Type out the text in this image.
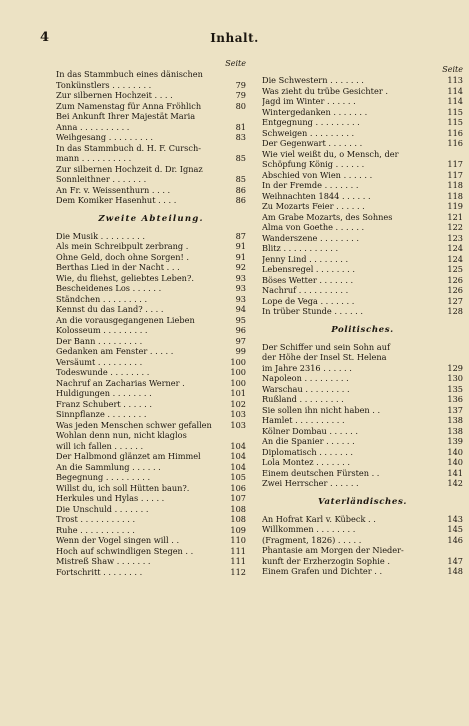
4	Inhalt.
Seite
In das Stammbuch eines dänischen
Tonkünstlers . . . . . . . .	79
Zur silbernen Hochzeit . . . .	79
Zum Namenstag für Anna Fröhlich	80
Bei Ankunft Ihrer Majestät Maria
Anna . . . . . . . . . .	81
Weihgesang . . . . . . . . .	83
In das Stammbuch d. H. F. Cursch-
mann . . . . . . . . . .	85
Zur silbernen Hochzeit d. Dr. Ignaz
Sonnleithner . . . . . . .	85
An Fr. v. Weissenthurn . . . .	86
Dem Komiker Hasenhut . . . .	86
Zweite Abteilung.
Die Musik . . . . . . . . .	87
Als mein Schreibpult zerbrang .	91
Ohne Geld, doch ohne Sorgen! .	91
Berthas Lied in der Nacht . . .	92
Wie, du fliehst, geliebtes Leben?.	93
Bescheidenes Los . . . . . .	93
Ständchen . . . . . . . . .	93
Kennst du das Land? . . . .	94
An die vorausgegangenen Lieben	95
Kolosseum . . . . . . . . .	96
Der Bann . . . . . . . . .	97
Gedanken am Fenster . . . . .	99
Versäumt . . . . . . . . .	100
Todeswunde . . . . . . . .	100
Nachruf an Zacharias Werner .	100
Huldigungen . . . . . . . .	101
Franz Schubert . . . . . .	102
Sinnpflanze . . . . . . . .	103
Was jeden Menschen schwer gefallen	103
Wohlan denn nun, nicht klaglos
will ich fallen . . . . . .	104
Der Halbmond glänzet am Himmel	104
An die Sammlung . . . . . .	104
Begegnung . . . . . . . . .	105
Willst du, ich soll Hütten baun?.	106
Herkules und Hylas . . . . .	107
Die Unschuld . . . . . . .	108
Trost . . . . . . . . . . .	108
Ruhe . . . . . . . . . . .	109
Wenn der Vogel singen will . .	110
Hoch auf schwindligen Stegen . .	111
Mistreß Shaw . . . . . . .	111
Fortschritt . . . . . . . .	112
Seite
Die Schwestern . . . . . . .	113
Was zieht du trübe Gesichter .	114
Jagd im Winter . . . . . .	114
Wintergedanken . . . . . . .	115
Entgegnung . . . . . . . . .	115
Schweigen . . . . . . . . .	116
Der Gegenwart . . . . . . .	116
Wie viel weißt du, o Mensch, der
Schöpfung König . . . . . .	117
Abschied von Wien . . . . . .	117
In der Fremde . . . . . . .	118
Weihnachten 1844 . . . . . .	118
Zu Mozarts Feier . . . . . .	119
Am Grabe Mozarts, des Sohnes	121
Alma von Goethe . . . . . .	122
Wanderszene . . . . . . . .	123
Blitz . . . . . . . . . . .	124
Jenny Lind . . . . . . . .	124
Lebensregel . . . . . . . .	125
Böses Wetter . . . . . . .	126
Nachruf . . . . . . . . . .	126
Lope de Vega . . . . . . .	127
In trüber Stunde . . . . . .	128
Politisches.
Der Schiffer und sein Sohn auf
der Höhe der Insel St. Helena
im Jahre 2316 . . . . . .	129
Napoleon . . . . . . . . .	130
Warschau . . . . . . . . .	135
Rußland . . . . . . . . .	136
Sie sollen ihn nicht haben . .	137
Hamlet . . . . . . . . . .	138
Kölner Dombau . . . . . .	138
An die Spanier . . . . . .	139
Diplomatisch . . . . . . .	140
Lola Montez . . . . . . .	140
Einem deutschen Fürsten . .	141
Zwei Herrscher . . . . . .	142
Vaterländisches.
An Hofrat Karl v. Kübeck . .	143
Willkommen . . . . . . . .	145
(Fragment, 1826) . . . . .	146
Phantasie am Morgen der Nieder-
kunft der Erzherzogin Sophie .	147
Einem Grafen und Dichter . .	148
